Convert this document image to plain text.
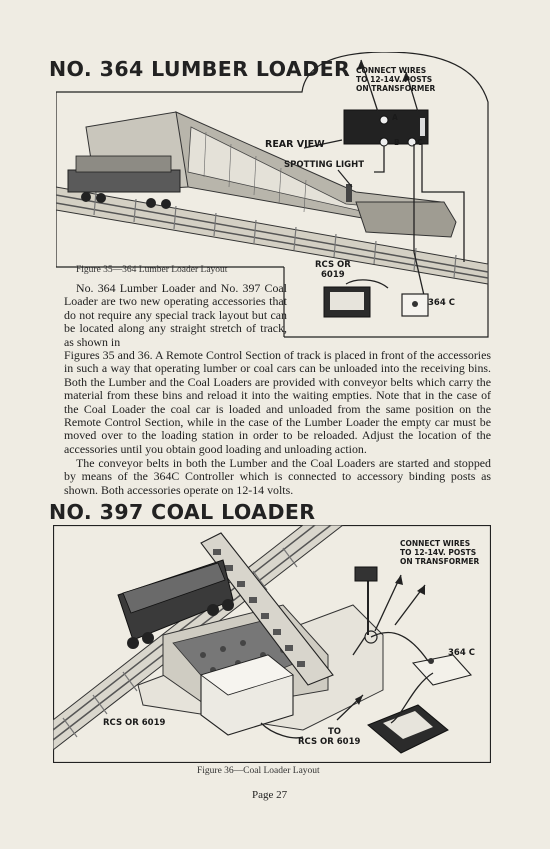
NO. 364 LUMBER LOADER CONNECT WIRES
TO 12-14V. POSTS
ON TRANSFORMER
REAR VIEW
SPOTTING LIGHT
A
B C
RCS OR
6019
364 C
Figure 35—364 Lumber Loader Layout

No. 364 Lumber Loader and No. 397 Coal Loader are two new operating accessories that do not require any special track layout but can be located along any straight stretch of track, as shown in

Figures 35 and 36. A Remote Control Section of track is placed in front of the accessories in such a way that operating lumber or coal cars can be unloaded into the receiving bins. Both the Lumber and the Coal Loaders are provided with conveyor belts which carry the material from these bins and reload it into the waiting empties. Note that in the case of the Coal Loader the coal car is loaded and unloaded from the same position on the Remote Control Section, while in the case of the Lumber Loader the empty car must be moved over to the loading station in order to be reloaded. Adjust the location of the accessories until you obtain good loading and unloading action.

The conveyor belts in both the Lumber and the Coal Loaders are started and stopped by means of the 364C Controller which is connected to accessory binding posts as shown. Both accessories operate on 12-14 volts.

NO. 397 COAL LOADER
CONNECT WIRES
TO 12-14V. POSTS
ON TRANSFORMER
364 C
RCS OR 6019
TO
RCS OR 6019
Figure 36—Coal Loader Layout
Page 27
